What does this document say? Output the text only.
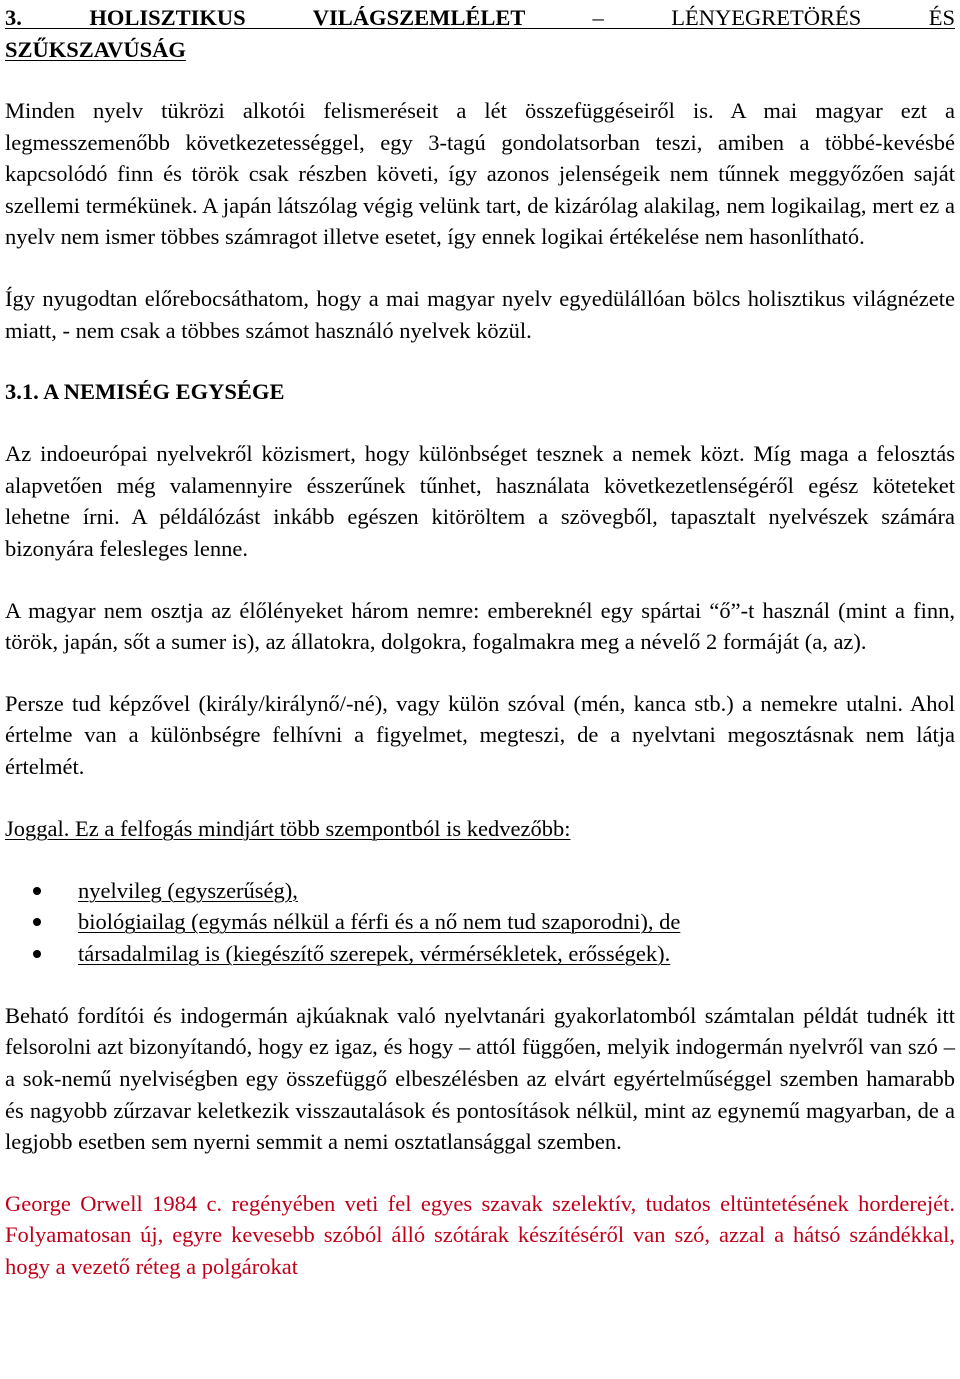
3. HOLISZTIKUS VILÁGSZEMLÉLET	–	LÉNYEGRETÖRÉS ÉS

SZŰKSZAVÚSÁG

Minden nyelv tükrözi alkotói felismeréseit a lét összefüggéseiről is. A mai magyar ezt a legmesszemenőbb következetességgel, egy 3-tagú gondolatsorban teszi, amiben a többé-kevésbé kapcsolódó finn és török csak részben követi, így azonos jelenségeik nem tűnnek meggyőzően saját szellemi termékünek. A japán látszólag végig velünk tart, de kizárólag alakilag, nem logikailag, mert ez a nyelv nem ismer többes számragot illetve esetet, így ennek logikai értékelése nem hasonlítható.

Így nyugodtan előrebocsáthatom, hogy a mai magyar nyelv egyedülállóan bölcs holisztikus világnézete miatt, - nem csak a többes számot használó nyelvek közül.

3.1. A NEMISÉG EGYSÉGE

Az indoeurópai nyelvekről közismert, hogy különbséget tesznek a nemek közt. Míg maga a felosztás alapvetően még valamennyire ésszerűnek tűnhet, használata következetlenségéről egész köteteket lehetne írni. A példálózást inkább egészen kitöröltem a szövegből, tapasztalt nyelvészek számára bizonyára felesleges lenne.

A magyar nem osztja az élőlényeket három nemre: embereknél egy spártai “ő”-t használ (mint a finn, török, japán, sőt a sumer is), az állatokra, dolgokra, fogalmakra meg a névelő 2 formáját (a, az).

Persze tud képzővel (király/királynő/-né), vagy külön szóval (mén, kanca stb.) a nemekre utalni. Ahol értelme van a különbségre felhívni a figyelmet, megteszi, de a nyelvtani megosztásnak nem látja értelmét.

Joggal. Ez a felfogás mindjárt több szempontból is kedvezőbb:

nyelvileg (egyszerűség),
biológiailag (egymás nélkül a férfi és a nő nem tud szaporodni), de
társadalmilag is (kiegészítő szerepek, vérmérsékletek, erősségek).

Beható fordítói és indogermán ajkúaknak való nyelvtanári gyakorlatomból számtalan példát tudnék itt felsorolni azt bizonyítandó, hogy ez igaz, és hogy – attól függően, melyik indogermán nyelvről van szó – a sok-nemű nyelviségben egy összefüggő elbeszélésben az elvárt egyértelműséggel szemben hamarabb és nagyobb zűrzavar keletkezik visszautalások és pontosítások nélkül, mint az egynemű magyarban, de a legjobb esetben sem nyerni semmit a nemi osztatlansággal szemben.

George Orwell 1984 c. regényében veti fel egyes szavak szelektív, tudatos eltüntetésének horderejét. Folyamatosan új, egyre kevesebb szóból álló szótárak készítéséről van szó, azzal a hátsó szándékkal, hogy a vezető réteg a polgárokat
